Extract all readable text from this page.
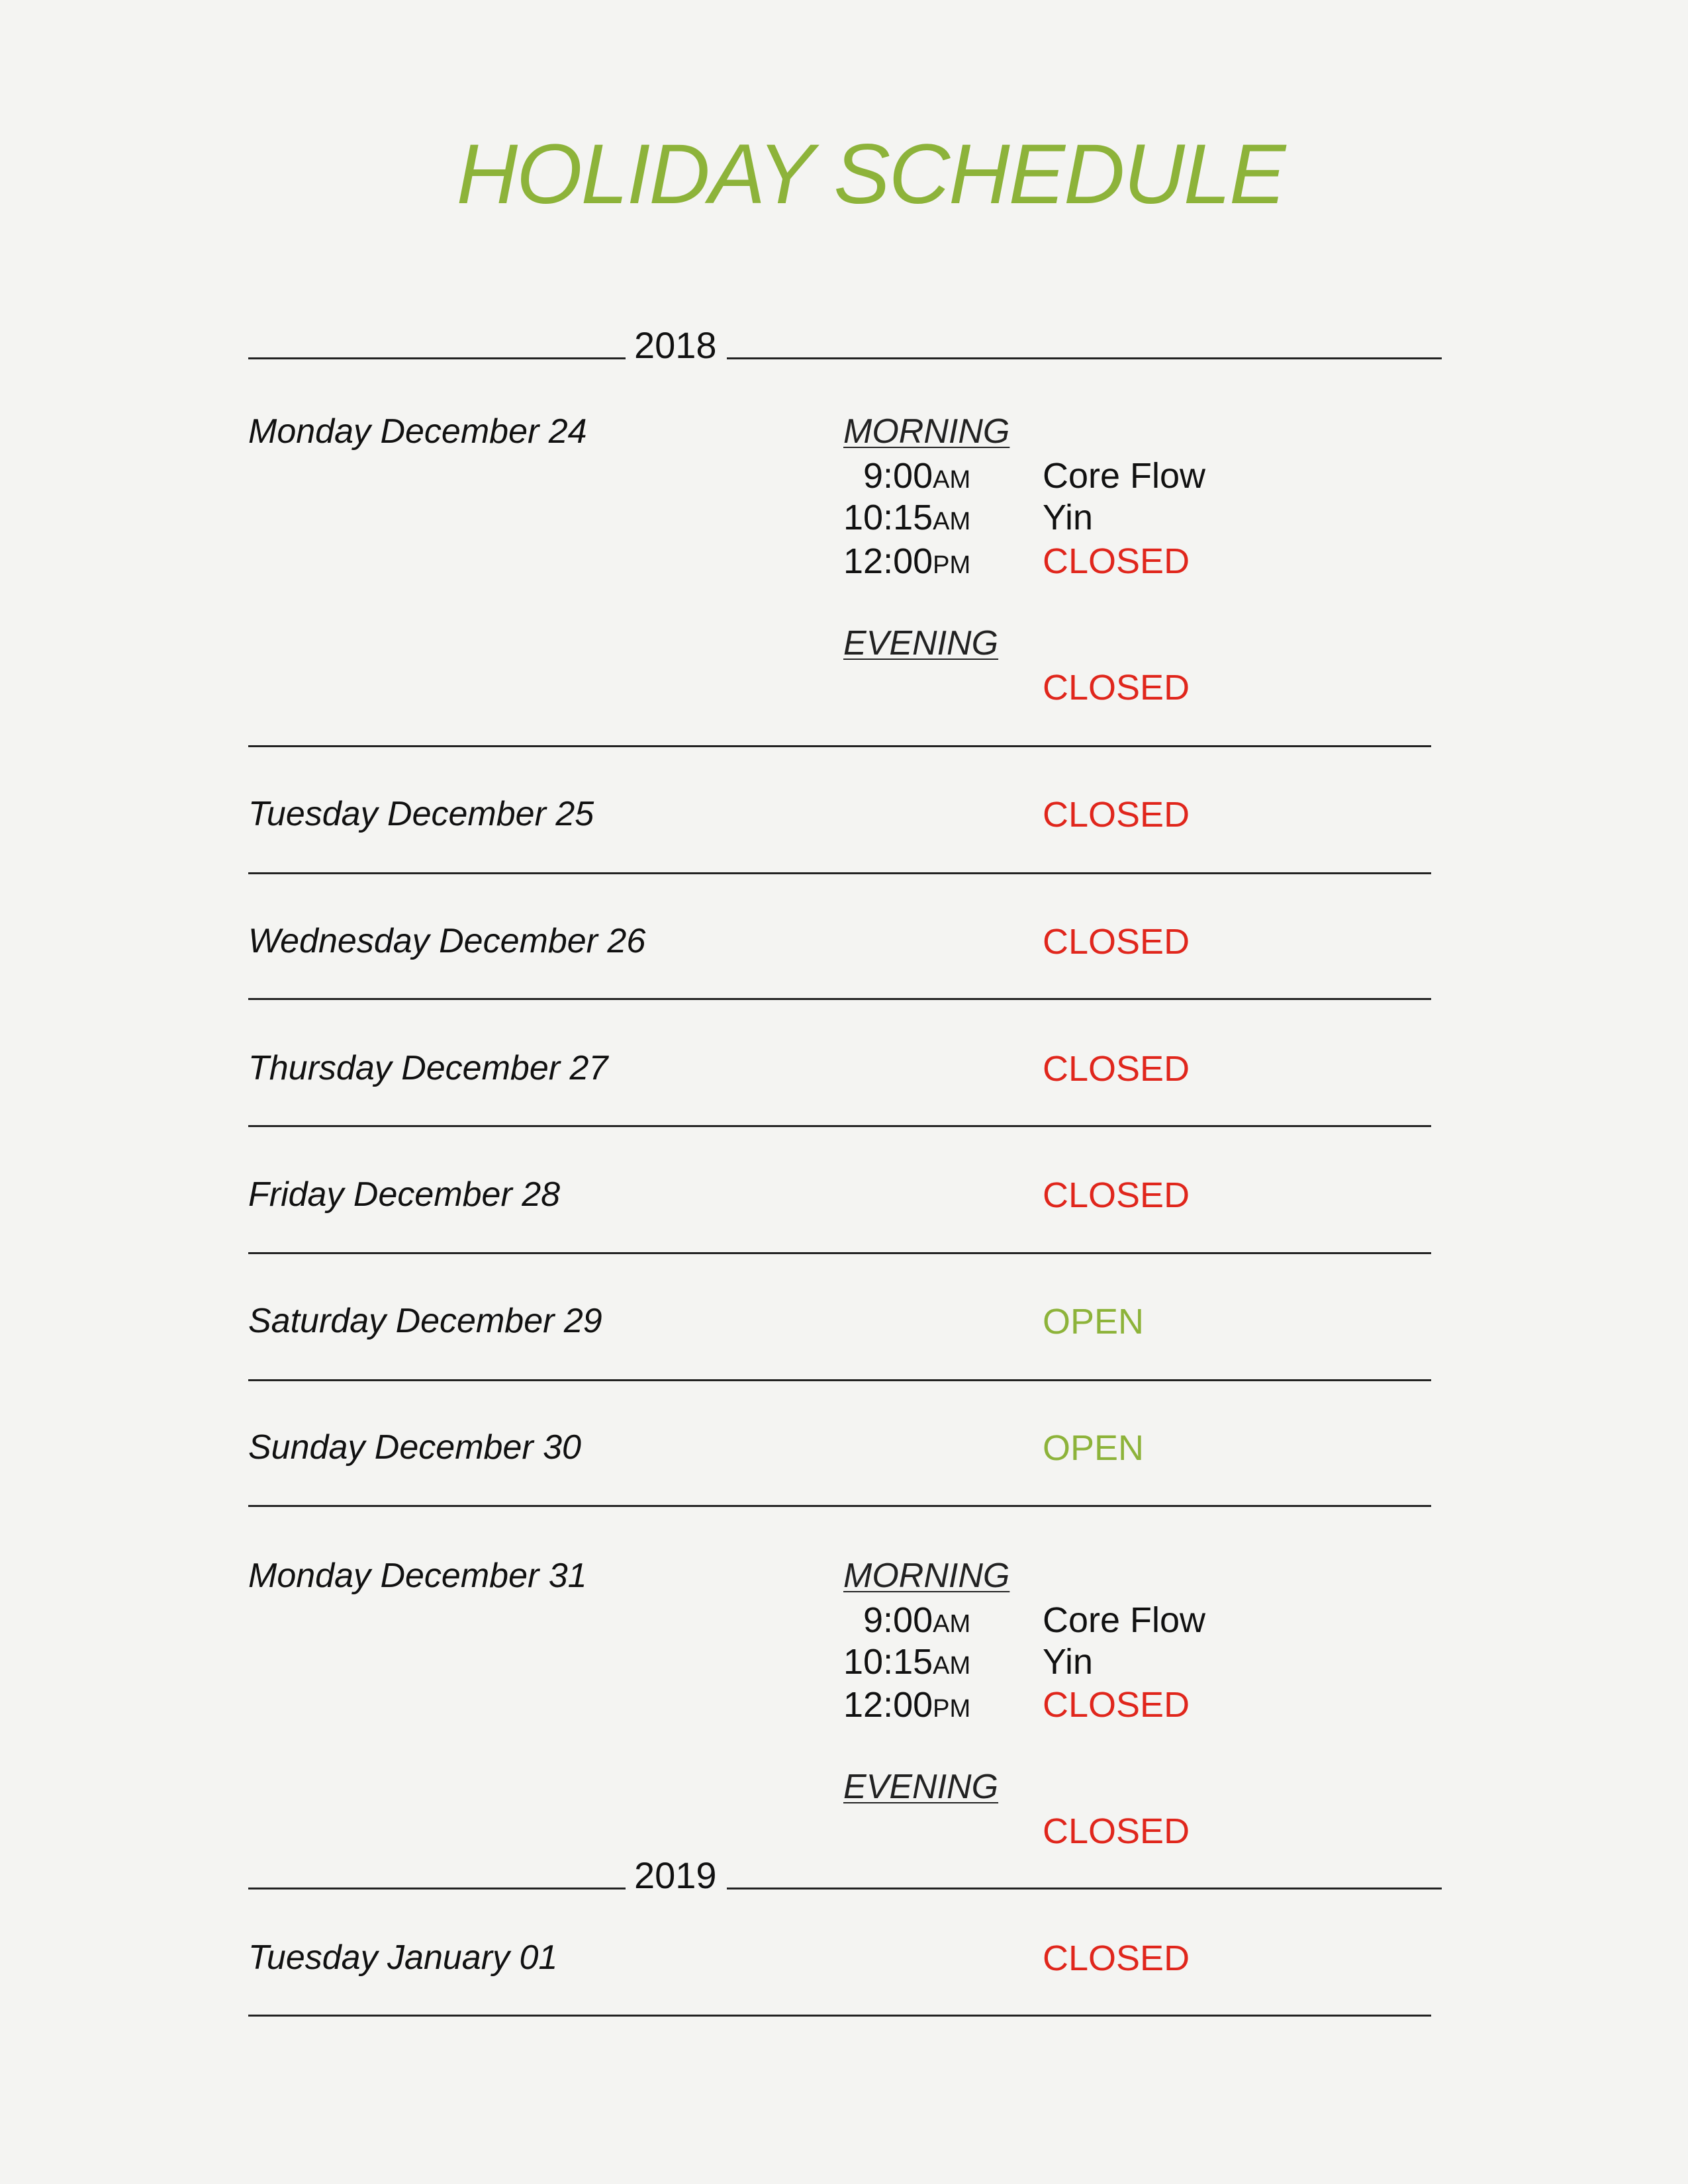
HOLIDAY SCHEDULE
2018
Monday December 24	MORNING
9:00AM Core Flow
10:15AM Yin
12:00PM CLOSED
EVENING
CLOSED
Tuesday December 25	CLOSED
Wednesday December 26	CLOSED
Thursday December 27	CLOSED
Friday December 28	CLOSED
Saturday December 29	OPEN
Sunday December 30	OPEN
Monday December 31	MORNING
9:00AM Core Flow
10:15AM Yin
12:00PM CLOSED
EVENING
CLOSED
2019
Tuesday January 01	CLOSED
